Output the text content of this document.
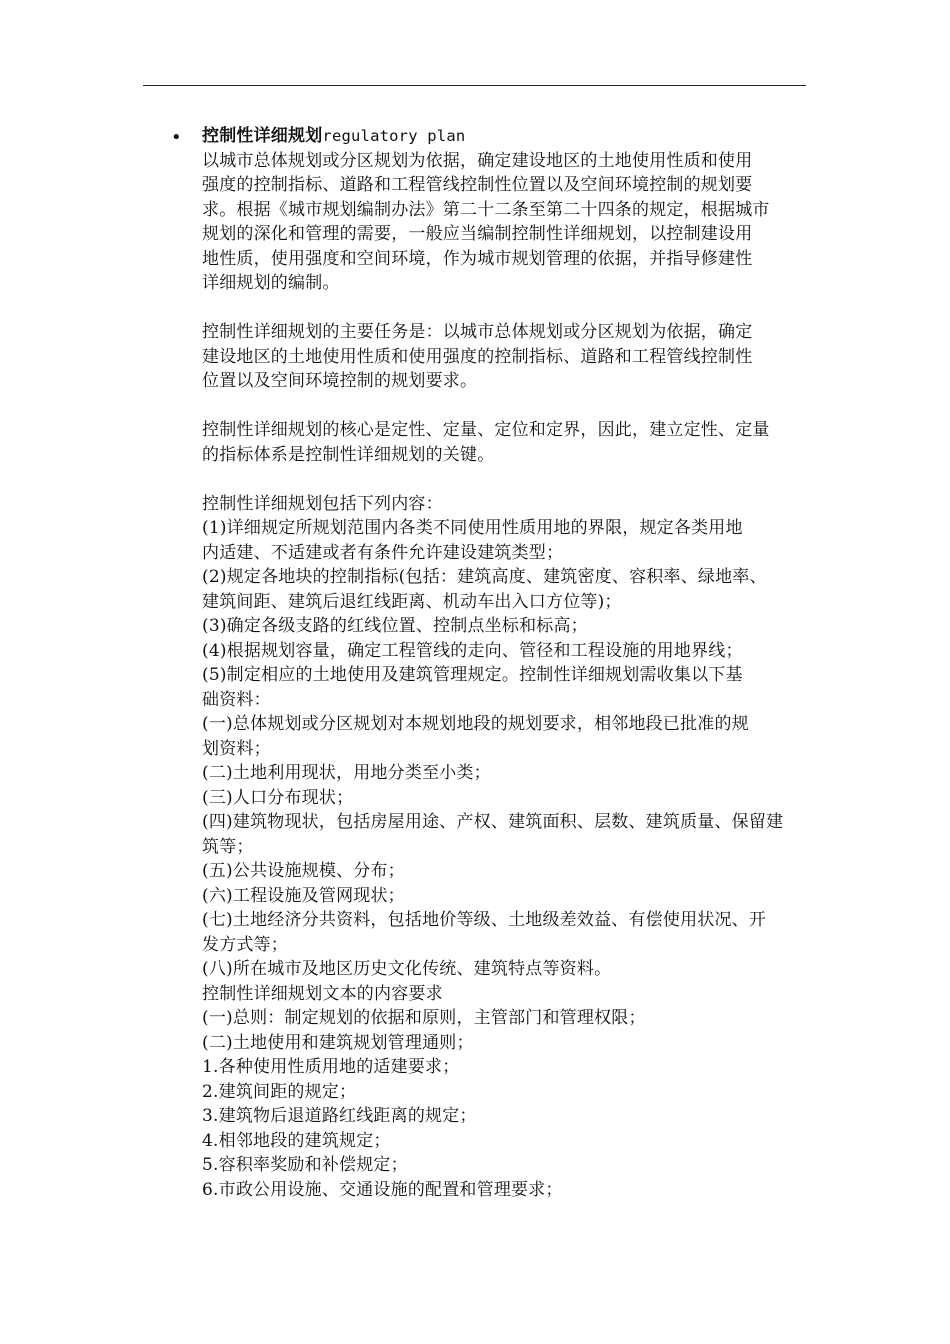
• 控制性详细规划regulatory plan
以城市总体规划或分区规划为依据，确定建设地区的土地使用性质和使用
强度的控制指标、道路和工程管线控制性位置以及空间环境控制的规划要
求。根据《城市规划编制办法》第二十二条至第二十四条的规定，根据城市
规划的深化和管理的需要，一般应当编制控制性详细规划，以控制建设用
地性质，使用强度和空间环境，作为城市规划管理的依据，并指导修建性
详细规划的编制。
控制性详细规划的主要任务是：以城市总体规划或分区规划为依据，确定
建设地区的土地使用性质和使用强度的控制指标、道路和工程管线控制性
位置以及空间环境控制的规划要求。
控制性详细规划的核心是定性、定量、定位和定界，因此，建立定性、定量
的指标体系是控制性详细规划的关键。
控制性详细规划包括下列内容：
(1)详细规定所规划范围内各类不同使用性质用地的界限，规定各类用地
内适建、不适建或者有条件允许建设建筑类型；
(2)规定各地块的控制指标(包括：建筑高度、建筑密度、容积率、绿地率、
建筑间距、建筑后退红线距离、机动车出入口方位等)；
(3)确定各级支路的红线位置、控制点坐标和标高；
(4)根据规划容量，确定工程管线的走向、管径和工程设施的用地界线；
(5)制定相应的土地使用及建筑管理规定。控制性详细规划需收集以下基
础资料：
(一)总体规划或分区规划对本规划地段的规划要求，相邻地段已批准的规
划资料；
(二)土地利用现状，用地分类至小类；
(三)人口分布现状；
(四)建筑物现状，包括房屋用途、产权、建筑面积、层数、建筑质量、保留建
筑等；
(五)公共设施规模、分布；
(六)工程设施及管网现状；
(七)土地经济分共资料，包括地价等级、土地级差效益、有偿使用状况、开
发方式等；
(八)所在城市及地区历史文化传统、建筑特点等资料。
控制性详细规划文本的内容要求
(一)总则：制定规划的依据和原则，主管部门和管理权限；
(二)土地使用和建筑规划管理通则；
1.各种使用性质用地的适建要求；
2.建筑间距的规定；
3.建筑物后退道路红线距离的规定；
4.相邻地段的建筑规定；
5.容积率奖励和补偿规定；
6.市政公用设施、交通设施的配置和管理要求；
